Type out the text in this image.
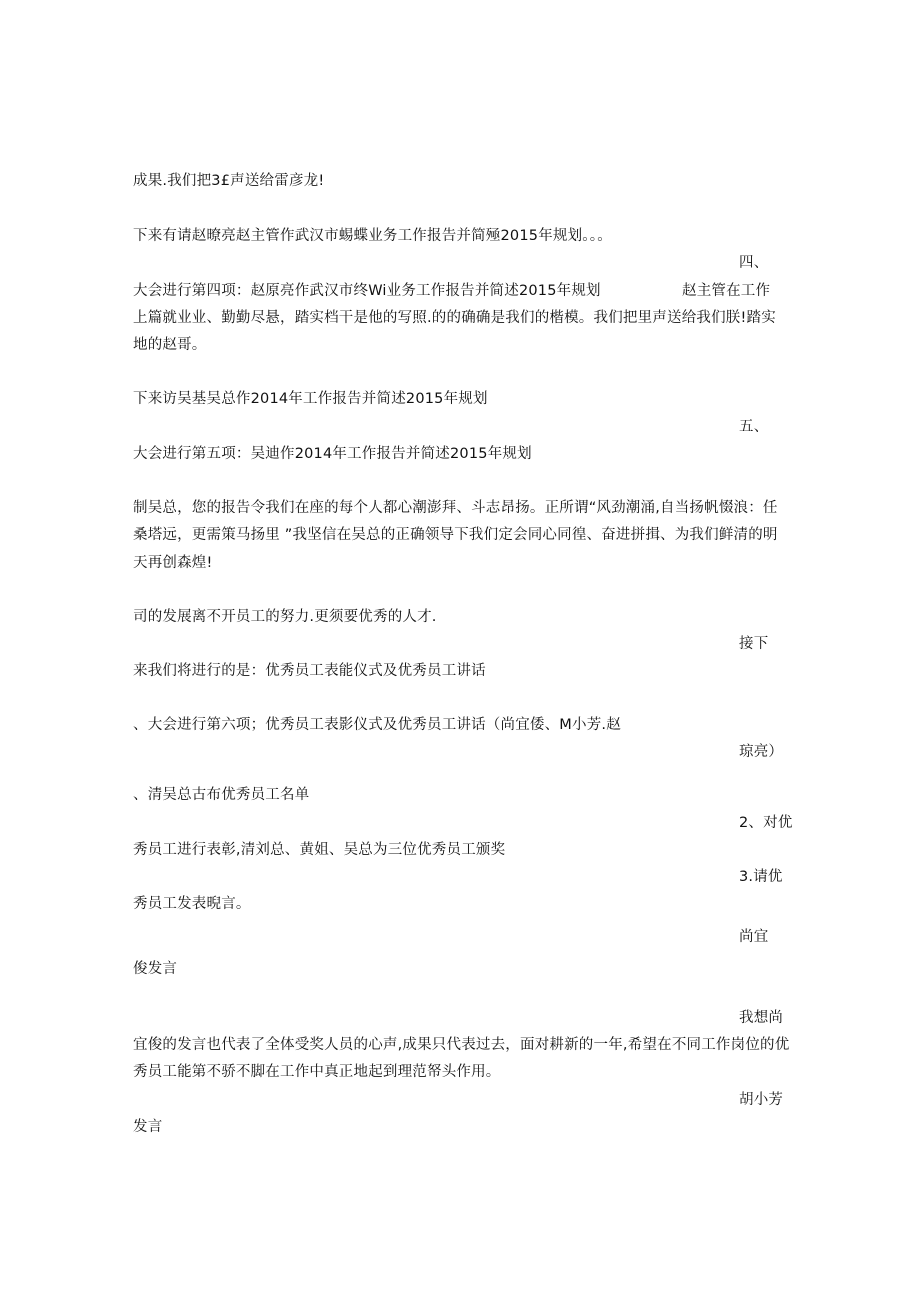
成果.我们把3£声送给雷彦龙!
下来有请赵暸亮赵主管作武汉市蜴蝶业务工作报告并简殛2015年规划。。。
四、
大会进行第四项：赵原亮作武汉市终Wi业务工作报告并简述2015年规划	赵主管在工作
上篇就业业、勤勤尽悬，踏实档干是他的写照.的的确确是我们的楷模。我们把里声送给我们朕!踏实
地的赵哥。
下来访吴基吴总作2014年工作报告并简述2015年规划
五、
大会进行第五项：吴迪作2014年工作报告并简述2015年规划
制吴总，您的报告令我们在座的每个人都心潮澎拜、斗志昂扬。正所谓“风劲潮涌,自当扬帆惙浪：任
桑塔远，更需策马扬里 ”我坚信在吴总的正确领导下我们定会同心同徨、奋进拼揖、为我们鲜清的明
天再创森煌!
司的发展离不开员工的努力.更须要优秀的人才.
接下
来我们将进行的是：优秀员工表能仪式及优秀员工讲话
、大会进行第六项；优秀员工表影仪式及优秀员工讲话（尚宜倭、M小芳.赵
琼亮）
、清吴总古布优秀员工名单
2、对优
秀员工进行表彰,清刘总、黄姐、吴总为三位优秀员工颁奖
3.请优
秀员工发表晲言。
尚宜
俊发言
我想尚
宜俊的发言也代表了全体受奖人员的心声,成果只代表过去，面对耕新的一年,希望在不同工作岗位的优
秀员工能第不骄不脚在工作中真正地起到理范帑头作用。
胡小芳
发言
